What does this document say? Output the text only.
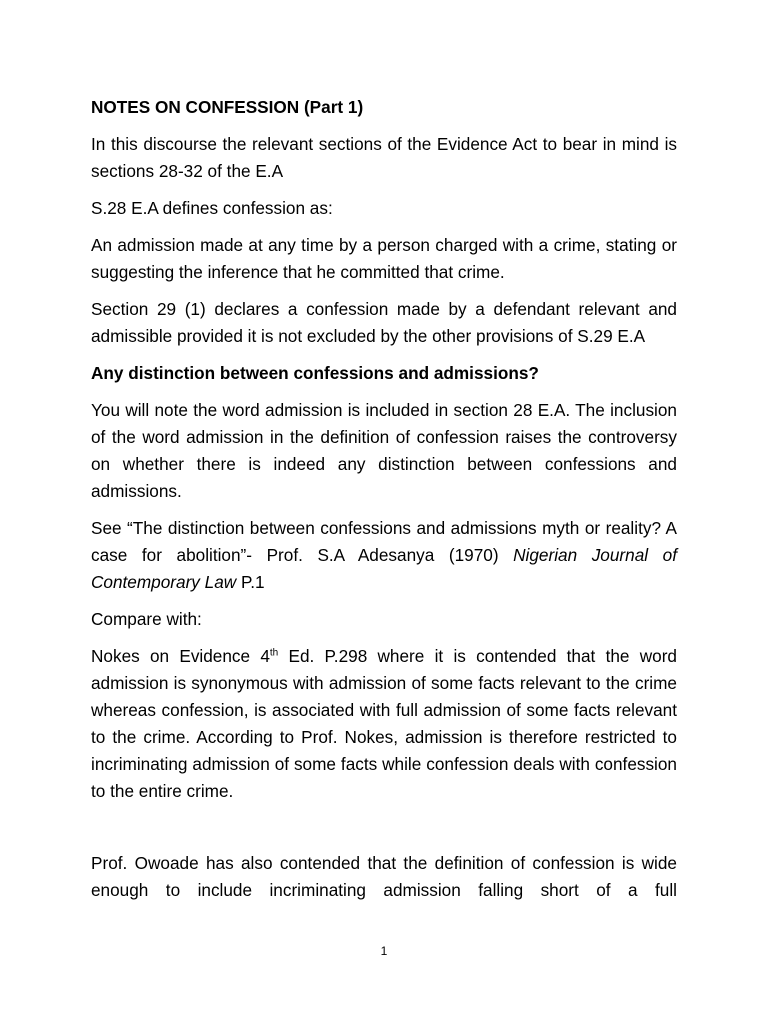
NOTES ON CONFESSION (Part 1)

In this discourse the relevant sections of the Evidence Act to bear in mind is sections 28-32 of the E.A

S.28 E.A defines confession as:

An admission made at any time by a person charged with a crime, stating or suggesting the inference that he committed that crime.

Section 29 (1) declares a confession made by a defendant relevant and admissible provided it is not excluded by the other provisions of S.29 E.A

Any distinction between confessions and admissions?

You will note the word admission is included in section 28 E.A. The inclusion of the word admission in the definition of confession raises the controversy on whether there is indeed any distinction between confessions and admissions.

See “The distinction between confessions and admissions myth or reality? A case for abolition”- Prof. S.A Adesanya (1970) Nigerian Journal of Contemporary Law P.1

Compare with:

Nokes on Evidence 4th Ed. P.298 where it is contended that the word admission is synonymous with admission of some facts relevant to the crime whereas confession, is associated with full admission of some facts relevant to the crime. According to Prof. Nokes, admission is therefore restricted to incriminating admission of some facts while confession deals with confession to the entire crime.

Prof. Owoade has also contended that the definition of confession is wide enough to include incriminating admission falling short of a full

1
